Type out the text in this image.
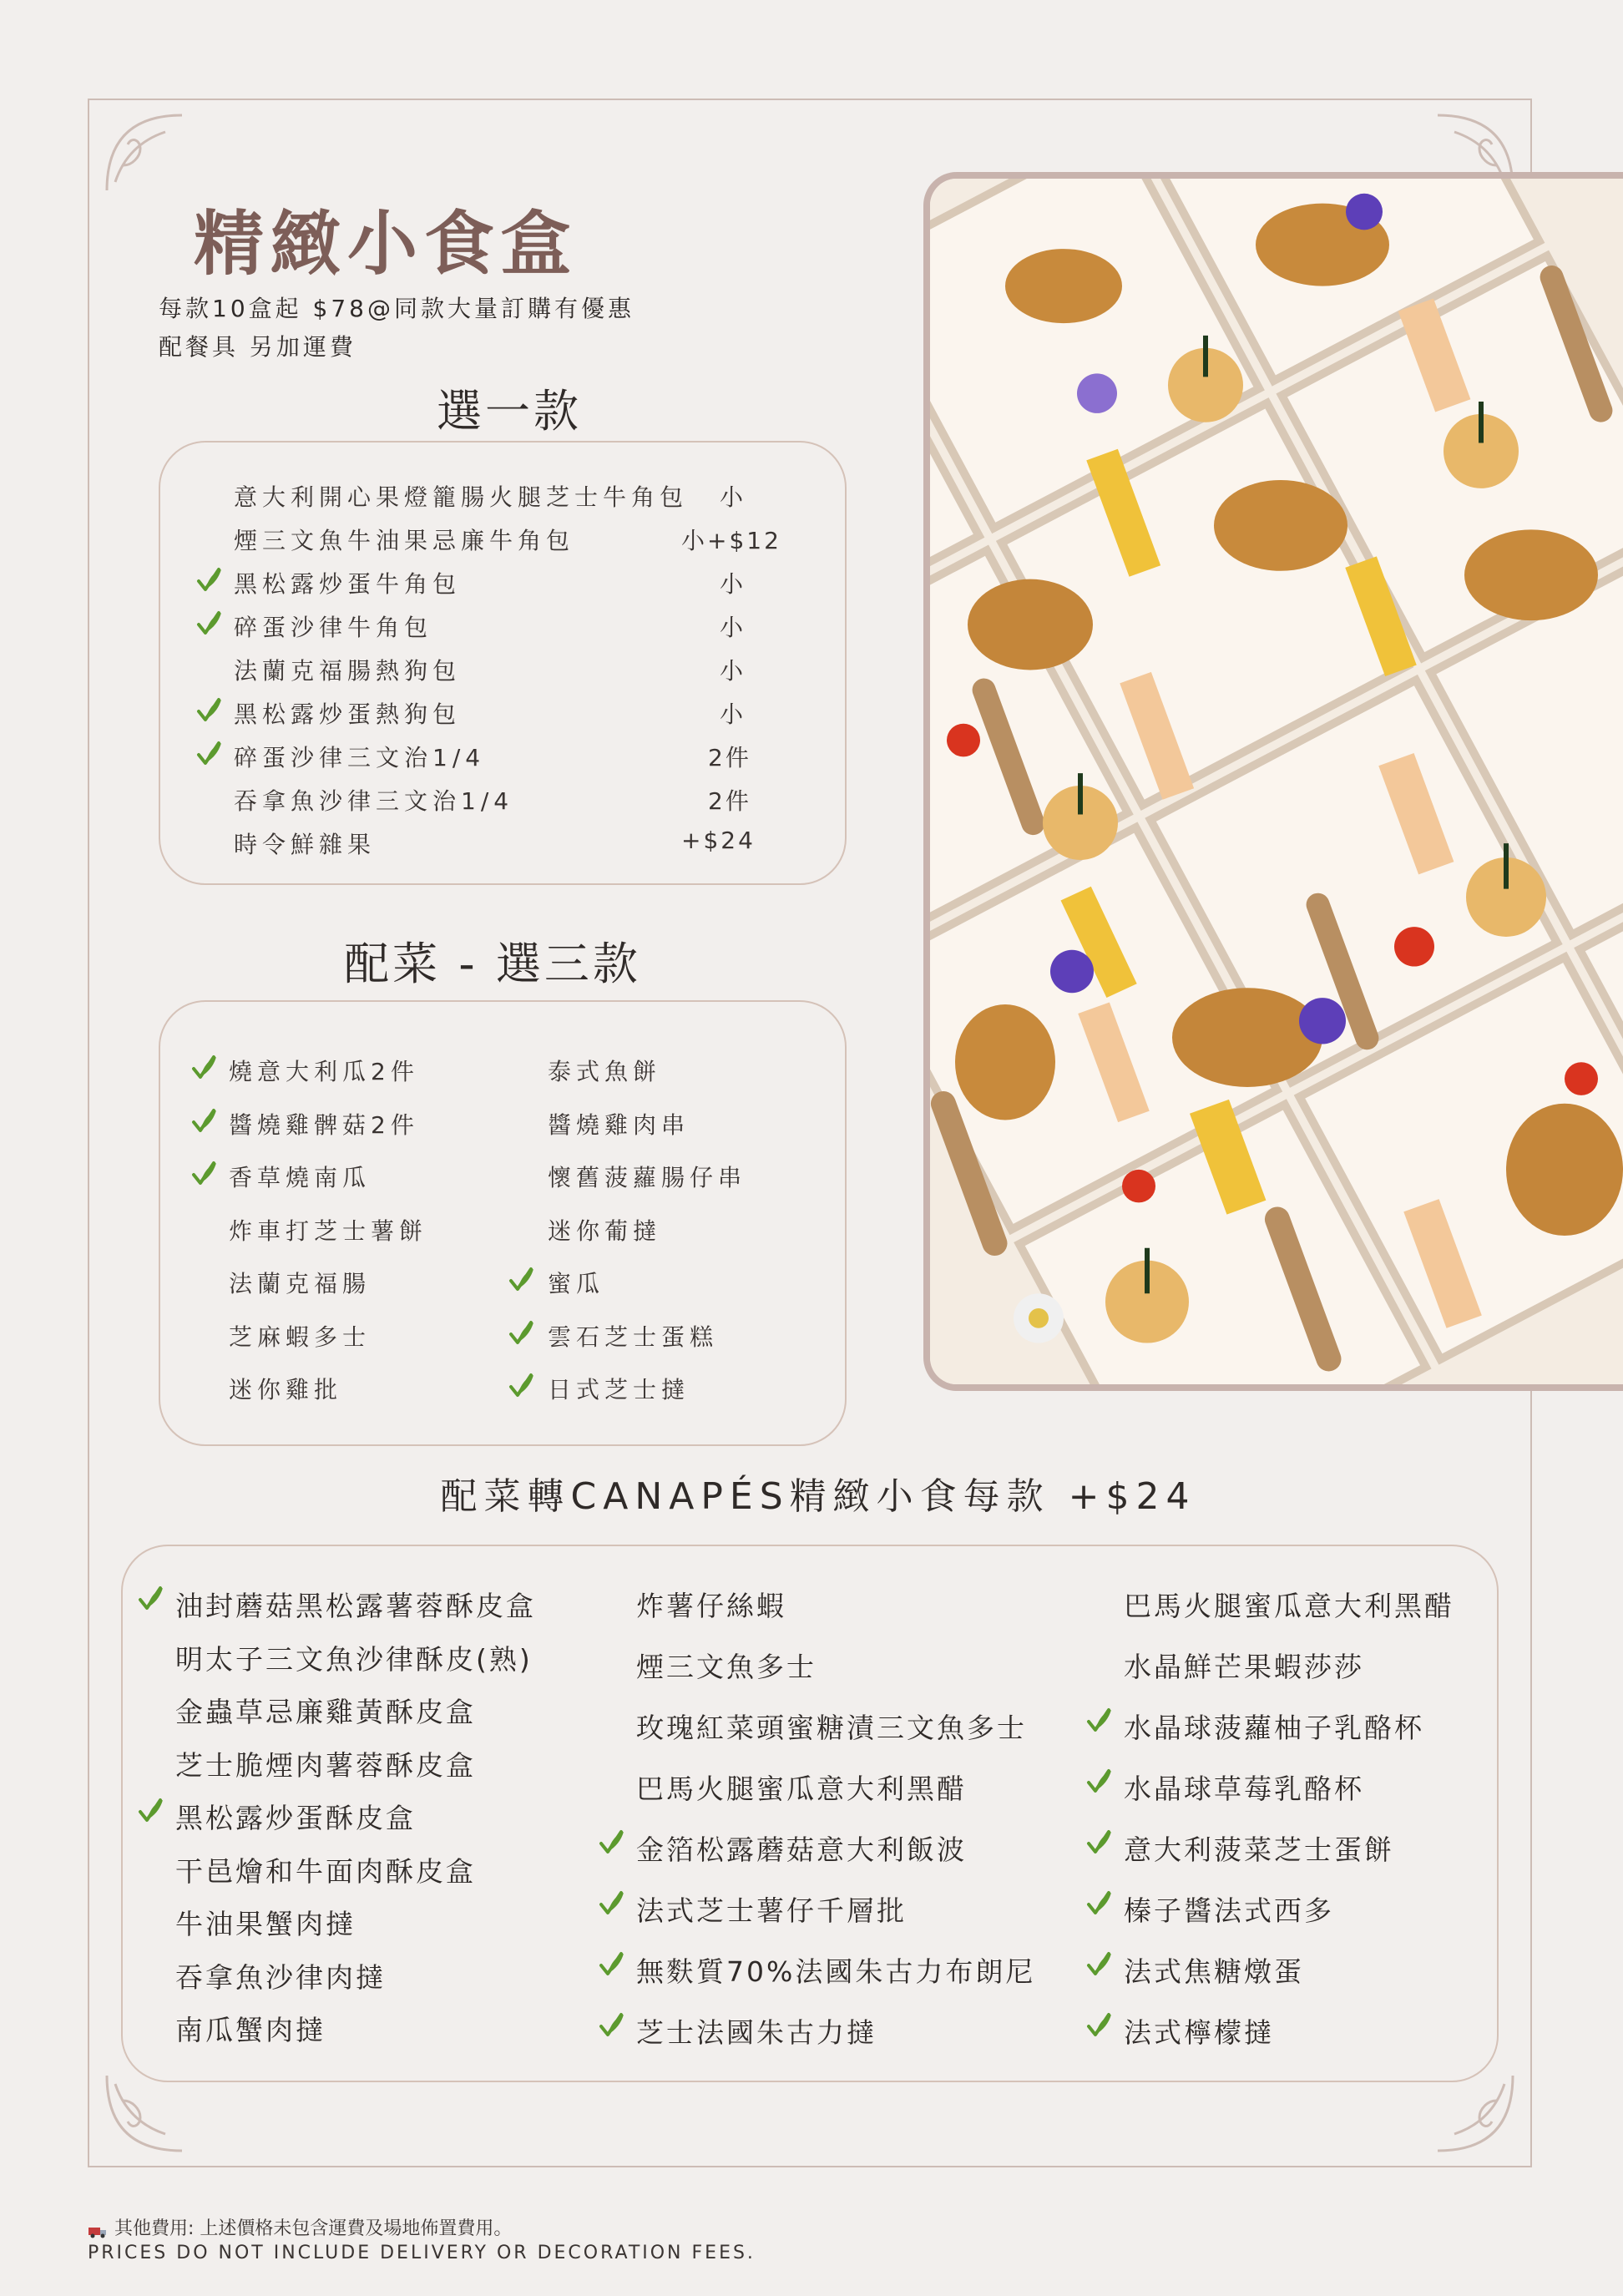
精緻小食盒
每款10盒起 $78@同款大量訂購有優惠
配餐具 另加運費
選一款
意大利開心果燈籠腸火腿芝士牛角包 小
煙三文魚牛油果忌廉牛角包	小+$12
黑松露炒蛋牛角包	小
碎蛋沙律牛角包	小
法蘭克福腸熱狗包	小
黑松露炒蛋熱狗包	小
碎蛋沙律三文治1/4	2件
吞拿魚沙律三文治1/4	2件
時令鮮雜果	+$24
配菜 - 選三款
燒意大利瓜2件
醬燒雞髀菇2件
香草燒南瓜
炸車打芝士薯餅
法蘭克福腸
芝麻蝦多士
迷你雞批
泰式魚餅
醬燒雞肉串
懷舊菠蘿腸仔串
迷你葡撻
蜜瓜
雲石芝士蛋糕
日式芝士撻
配菜轉CANAPÉS精緻小食每款 +$24
油封蘑菇黑松露薯蓉酥皮盒
明太子三文魚沙律酥皮(熟)
金蟲草忌廉雞黃酥皮盒
芝士脆煙肉薯蓉酥皮盒
黑松露炒蛋酥皮盒
干邑燴和牛面肉酥皮盒
牛油果蟹肉撻
吞拿魚沙律肉撻
南瓜蟹肉撻
炸薯仔絲蝦
煙三文魚多士
玫瑰紅菜頭蜜糖漬三文魚多士
巴馬火腿蜜瓜意大利黑醋
金箔松露蘑菇意大利飯波
法式芝士薯仔千層批
無麩質70%法國朱古力布朗尼
芝士法國朱古力撻
巴馬火腿蜜瓜意大利黑醋
水晶鮮芒果蝦莎莎
水晶球菠蘿柚子乳酪杯
水晶球草莓乳酪杯
意大利菠菜芝士蛋餅
榛子醬法式西多
法式焦糖燉蛋
法式檸檬撻
其他費用: 上述價格未包含運費及場地佈置費用。
PRICES DO NOT INCLUDE DELIVERY OR DECORATION FEES.
